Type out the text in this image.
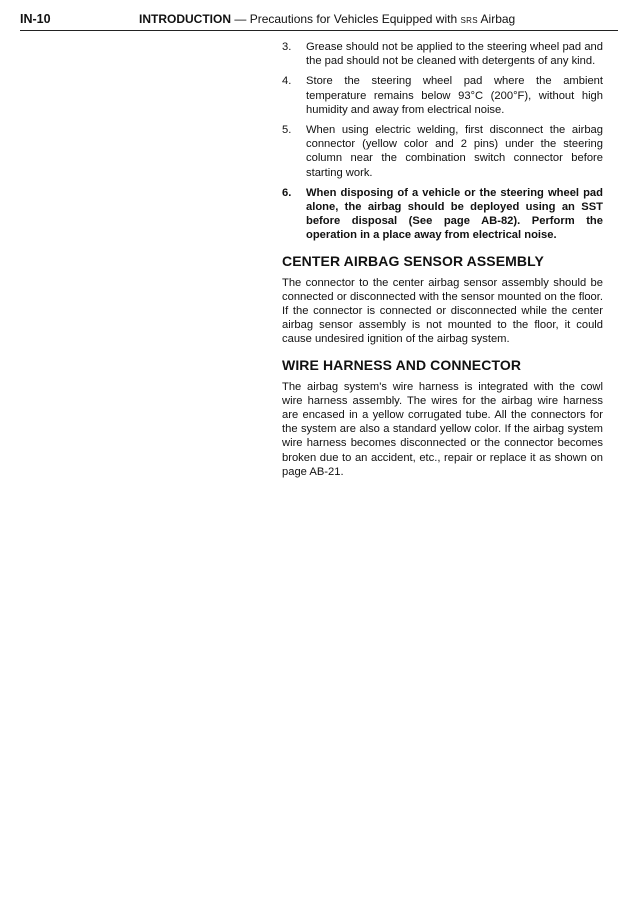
IN-10	INTRODUCTION — Precautions for Vehicles Equipped with SRS Airbag
3.	Grease should not be applied to the steering wheel pad and the pad should not be cleaned with detergents of any kind.
4.	Store the steering wheel pad where the ambient temperature remains below 93°C (200°F), without high humidity and away from electrical noise.
5.	When using electric welding, first disconnect the airbag connector (yellow color and 2 pins) under the steering column near the combination switch connector before starting work.
6.	When disposing of a vehicle or the steering wheel pad alone, the airbag should be deployed using an SST before disposal (See page AB-82). Perform the operation in a place away from electrical noise.
CENTER AIRBAG SENSOR ASSEMBLY

The connector to the center airbag sensor assembly should be connected or disconnected with the sensor mounted on the floor. If the connector is connected or disconnected while the center airbag sensor assembly is not mounted to the floor, it could cause undesired ignition of the airbag system.

WIRE HARNESS AND CONNECTOR

The airbag system's wire harness is integrated with the cowl wire harness assembly. The wires for the airbag wire harness are encased in a yellow corrugated tube. All the connectors for the system are also a standard yellow color. If the airbag system wire harness becomes disconnected or the connector becomes broken due to an accident, etc., repair or replace it as shown on page AB-21.
